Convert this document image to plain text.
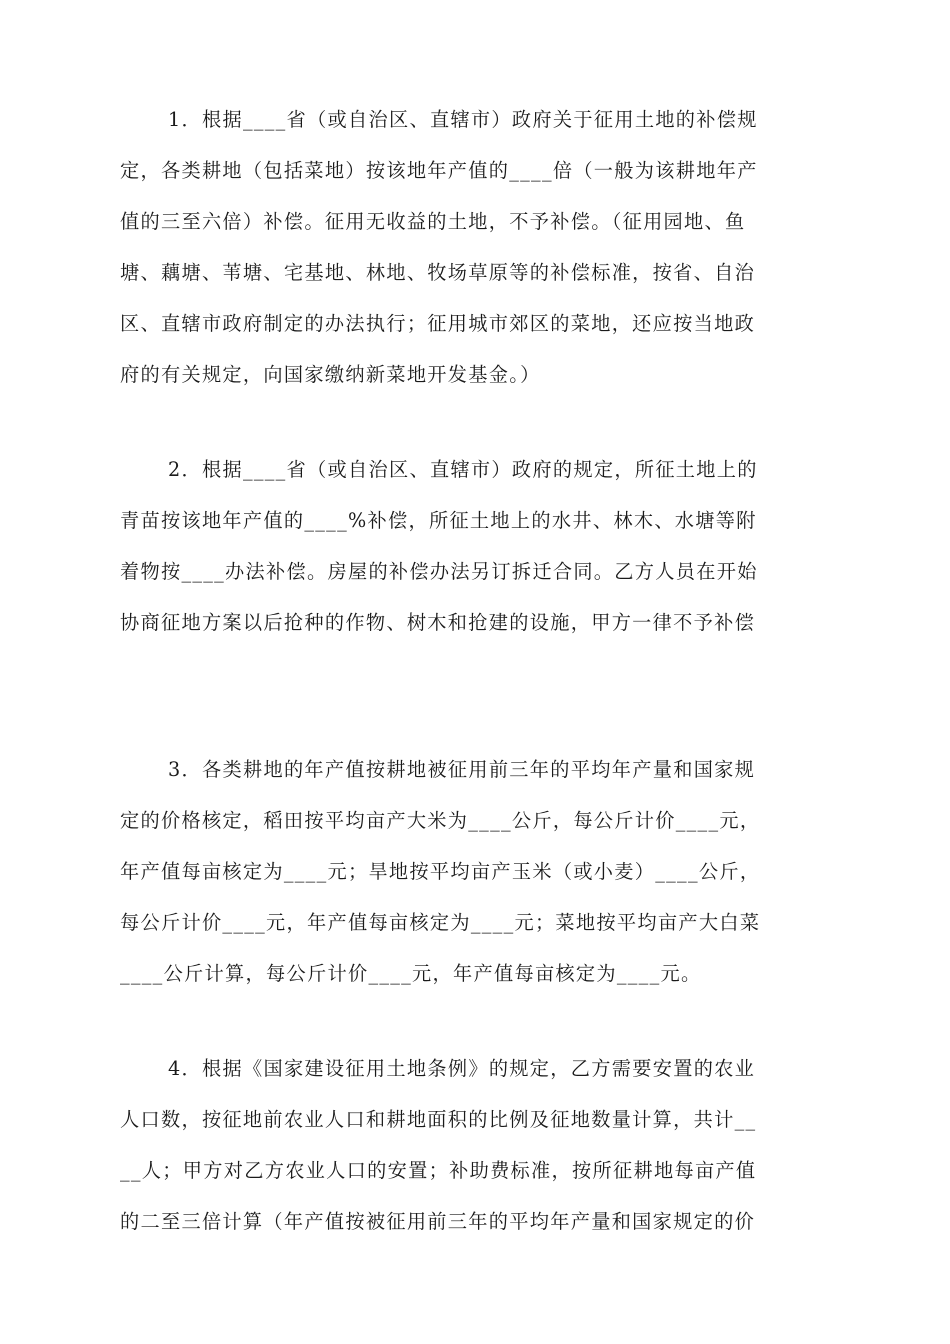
1．根据____省（或自治区、直辖市）政府关于征用土地的补偿规
定，各类耕地（包括菜地）按该地年产值的____倍（一般为该耕地年产
值的三至六倍）补偿。征用无收益的土地，不予补偿。（征用园地、鱼
塘、藕塘、苇塘、宅基地、林地、牧场草原等的补偿标准，按省、自治
区、直辖市政府制定的办法执行；征用城市郊区的菜地，还应按当地政
府的有关规定，向国家缴纳新菜地开发基金。）
2．根据____省（或自治区、直辖市）政府的规定，所征土地上的
青苗按该地年产值的____%补偿，所征土地上的水井、林木、水塘等附
着物按____办法补偿。房屋的补偿办法另订拆迁合同。乙方人员在开始
协商征地方案以后抢种的作物、树木和抢建的设施，甲方一律不予补偿
3．各类耕地的年产值按耕地被征用前三年的平均年产量和国家规
定的价格核定，稻田按平均亩产大米为____公斤，每公斤计价____元，
年产值每亩核定为____元；旱地按平均亩产玉米（或小麦）____公斤，
每公斤计价____元，年产值每亩核定为____元；菜地按平均亩产大白菜
____公斤计算，每公斤计价____元，年产值每亩核定为____元。
4．根据《国家建设征用土地条例》的规定，乙方需要安置的农业
人口数，按征地前农业人口和耕地面积的比例及征地数量计算，共计__
__人；甲方对乙方农业人口的安置；补助费标准，按所征耕地每亩产值
的二至三倍计算（年产值按被征用前三年的平均年产量和国家规定的价
